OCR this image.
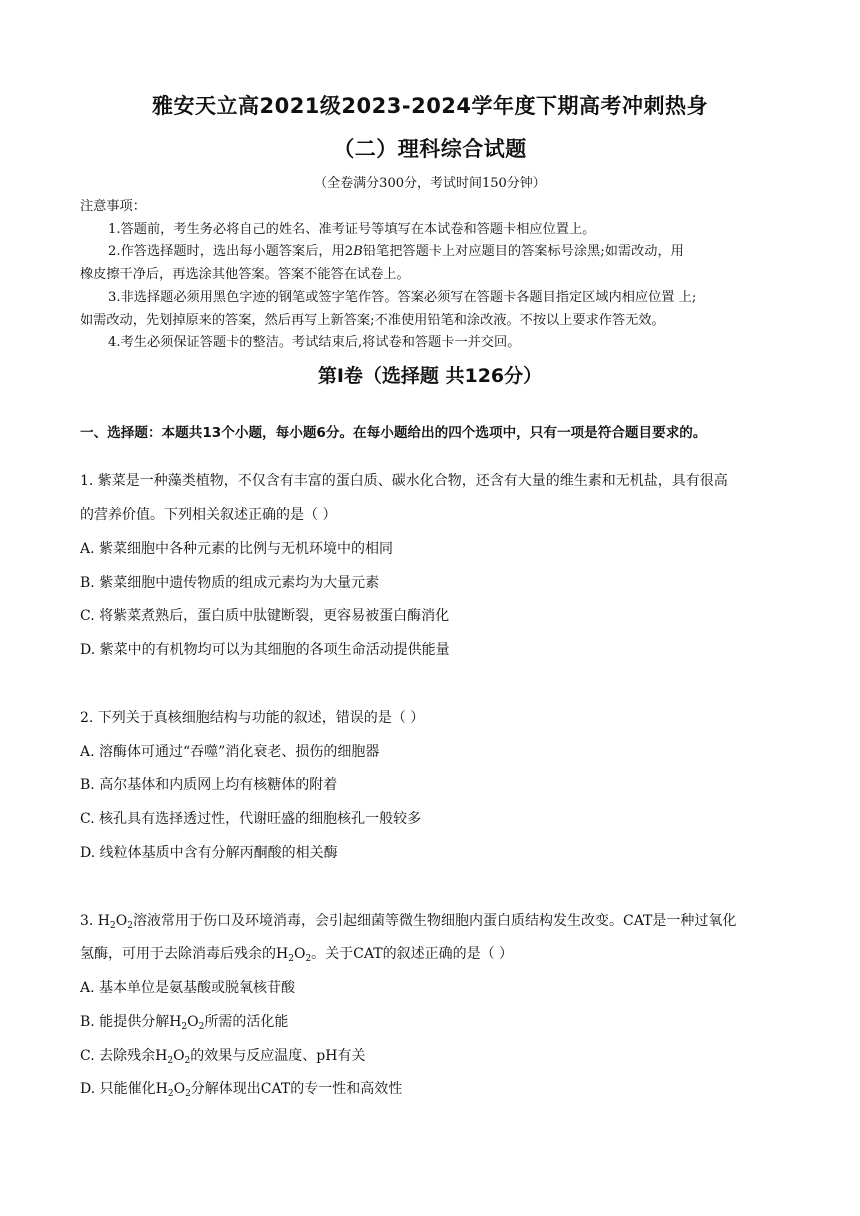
雅安天立高2021级2023-2024学年度下期高考冲刺热身
（二）理科综合试题
（全卷满分300分，考试时间150分钟）
注意事项：
1.答题前，考生务必将自己的姓名、准考证号等填写在本试卷和答题卡相应位置上。
2.作答选择题时，选出每小题答案后，用2B铅笔把答题卡上对应题目的答案标号涂黑;如需改动，用
橡皮擦干净后，再选涂其他答案。答案不能答在试卷上。
3.非选择题必须用黑色字迹的钢笔或签字笔作答。答案必须写在答题卡各题目指定区域内相应位置 上;
如需改动，先划掉原来的答案，然后再写上新答案;不准使用铅笔和涂改液。不按以上要求作答无效。
4.考生必须保证答题卡的整洁。考试结束后,将试卷和答题卡一并交回。
第Ⅰ卷（选择题 共126分）
一、选择题：本题共13个小题，每小题6分。在每小题给出的四个选项中，只有一项是符合题目要求的。
1. 紫菜是一种藻类植物，不仅含有丰富的蛋白质、碳水化合物，还含有大量的维生素和无机盐，具有很高
的营养价值。下列相关叙述正确的是（ ）
A. 紫菜细胞中各种元素的比例与无机环境中的相同
B. 紫菜细胞中遗传物质的组成元素均为大量元素
C. 将紫菜煮熟后，蛋白质中肽键断裂，更容易被蛋白酶消化
D. 紫菜中的有机物均可以为其细胞的各项生命活动提供能量
2. 下列关于真核细胞结构与功能的叙述，错误的是（ ）
A. 溶酶体可通过“吞噬”消化衰老、损伤的细胞器
B. 高尔基体和内质网上均有核糖体的附着
C. 核孔具有选择透过性，代谢旺盛的细胞核孔一般较多
D. 线粒体基质中含有分解丙酮酸的相关酶
3. $H_2O_2$溶液常用于伤口及环境消毒，会引起细菌等微生物细胞内蛋白质结构发生改变。CAT是一种过氧化
氢酶，可用于去除消毒后残余的$H_2O_2$。关于CAT的叙述正确的是（ ）
A. 基本单位是氨基酸或脱氧核苷酸
B. 能提供分解$H_2O_2$所需的活化能
C. 去除残余$H_2O_2$的效果与反应温度、pH有关
D. 只能催化$H_2O_2$分解体现出CAT的专一性和高效性
